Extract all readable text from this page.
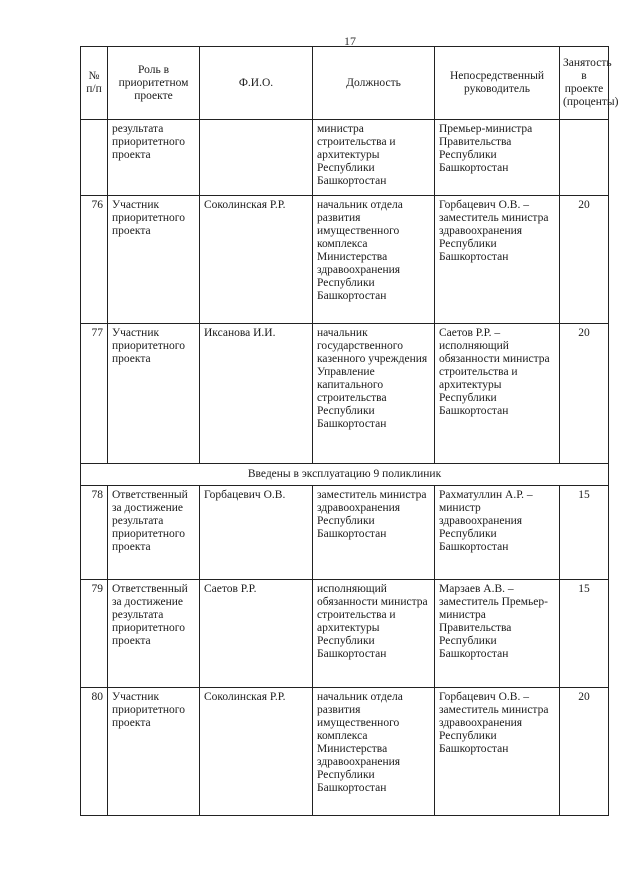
17
№ п/п	Роль в приоритетном проекте	Ф.И.О.	Должность	Непосредственный руководитель	Занятость в проекте (проценты)
	результата приоритетного проекта		министра строительства и архитектуры Республики Башкортостан	Премьер-министра Правительства Республики Башкортостан	
76	Участник приоритетного проекта	Соколинская Р.Р.	начальник отдела развития имущественного комплекса Министерства здравоохранения Республики Башкортостан	Горбацевич О.В. – заместитель министра здравоохранения Республики Башкортостан	20
77	Участник приоритетного проекта	Иксанова И.И.	начальник государственного казенного учреждения Управление капитального строительства Республики Башкортостан	Саетов Р.Р. – исполняющий обязанности министра строительства и архитектуры Республики Башкортостан	20
Введены в эксплуатацию 9 поликлиник					
78	Ответственный за достижение результата приоритетного проекта	Горбацевич О.В.	заместитель министра здравоохранения Республики Башкортостан	Рахматуллин А.Р. – министр здравоохранения Республики Башкортостан	15
79	Ответственный за достижение результата приоритетного проекта	Саетов Р.Р.	исполняющий обязанности министра строительства и архитектуры Республики Башкортостан	Марзаев А.В. – заместитель Премьер-министра Правительства Республики Башкортостан	15
80	Участник приоритетного проекта	Соколинская Р.Р.	начальник отдела развития имущественного комплекса Министерства здравоохранения Республики Башкортостан	Горбацевич О.В. – заместитель министра здравоохранения Республики Башкортостан	20
